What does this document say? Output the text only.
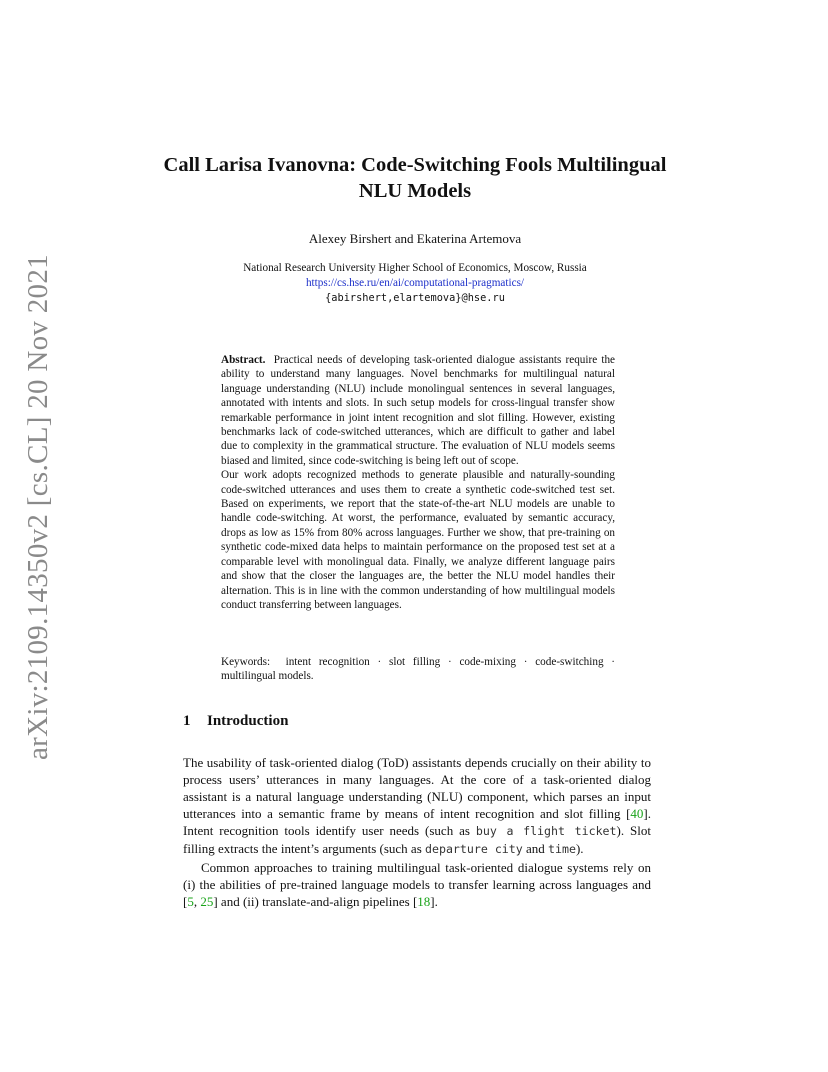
arXiv:2109.14350v2 [cs.CL] 20 Nov 2021
Call Larisa Ivanovna: Code-Switching Fools Multilingual NLU Models
Alexey Birshert and Ekaterina Artemova
National Research University Higher School of Economics, Moscow, Russia
https://cs.hse.ru/en/ai/computational-pragmatics/
{abirshert,elartemova}@hse.ru

Abstract. Practical needs of developing task-oriented dialogue assistants require the ability to understand many languages. Novel benchmarks for multilingual natural language understanding (NLU) include monolingual sentences in several languages, annotated with intents and slots. In such setup models for cross-lingual transfer show remarkable performance in joint intent recognition and slot filling. However, existing benchmarks lack of code-switched utterances, which are difficult to gather and label due to complexity in the grammatical structure. The evaluation of NLU models seems biased and limited, since code-switching is being left out of scope.

Our work adopts recognized methods to generate plausible and naturally-sounding code-switched utterances and uses them to create a synthetic code-switched test set. Based on experiments, we report that the state-of-the-art NLU models are unable to handle code-switching. At worst, the performance, evaluated by semantic accuracy, drops as low as 15% from 80% across languages. Further we show, that pre-training on synthetic code-mixed data helps to maintain performance on the proposed test set at a comparable level with monolingual data. Finally, we analyze different language pairs and show that the closer the languages are, the better the NLU model handles their alternation. This is in line with the common understanding of how multilingual models conduct transferring between languages.

Keywords: intent recognition · slot filling · code-mixing · code-switching · multilingual models.
1 Introduction

The usability of task-oriented dialog (ToD) assistants depends crucially on their ability to process users’ utterances in many languages. At the core of a task-oriented dialog assistant is a natural language understanding (NLU) component, which parses an input utterances into a semantic frame by means of intent recognition and slot filling [40]. Intent recognition tools identify user needs (such as buy a flight ticket). Slot filling extracts the intent’s arguments (such as departure city and time).

Common approaches to training multilingual task-oriented dialogue systems rely on (i) the abilities of pre-trained language models to transfer learning across languages and [5, 25] and (ii) translate-and-align pipelines [18].
